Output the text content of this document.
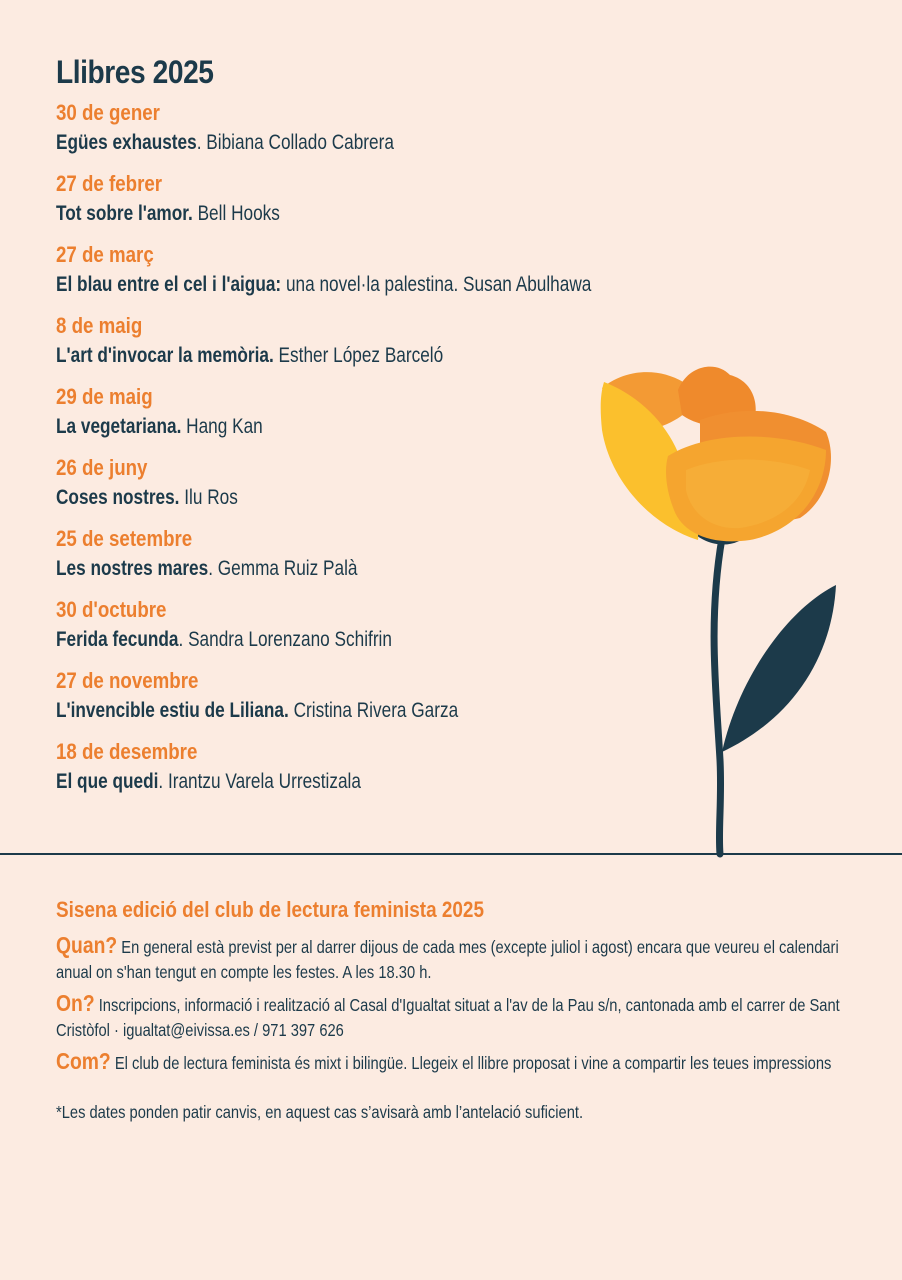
Llibres 2025
30 de gener
Egües exhaustes. Bibiana Collado Cabrera
27 de febrer
Tot sobre l'amor. Bell Hooks
27 de març
El blau entre el cel i l'aigua: una novel·la palestina. Susan Abulhawa
8 de maig
L'art d'invocar la memòria. Esther López Barceló
29 de maig
La vegetariana. Hang Kan
26 de juny
Coses nostres. Ilu Ros
25 de setembre
Les nostres mares. Gemma Ruiz Palà
30 d'octubre
Ferida fecunda. Sandra Lorenzano Schifrin
27 de novembre
L'invencible estiu de Liliana. Cristina Rivera Garza
18 de desembre
El que quedi. Irantzu Varela Urrestizala
Sisena edició del club de lectura feminista 2025
Quan? En general està previst per al darrer dijous de cada mes (excepte juliol i agost) encara que veureu el calendari anual on s'han tengut en compte les festes. A les 18.30 h.
On? Inscripcions, informació i realització al Casal d'Igualtat situat a l'av de la Pau s/n, cantonada amb el carrer de Sant Cristòfol · igualtat@eivissa.es / 971 397 626
Com? El club de lectura feminista és mixt i bilingüe. Llegeix el llibre proposat i vine a compartir les teues impressions
*Les dates ponden patir canvis, en aquest cas s’avisarà amb l’antelació suficient.
